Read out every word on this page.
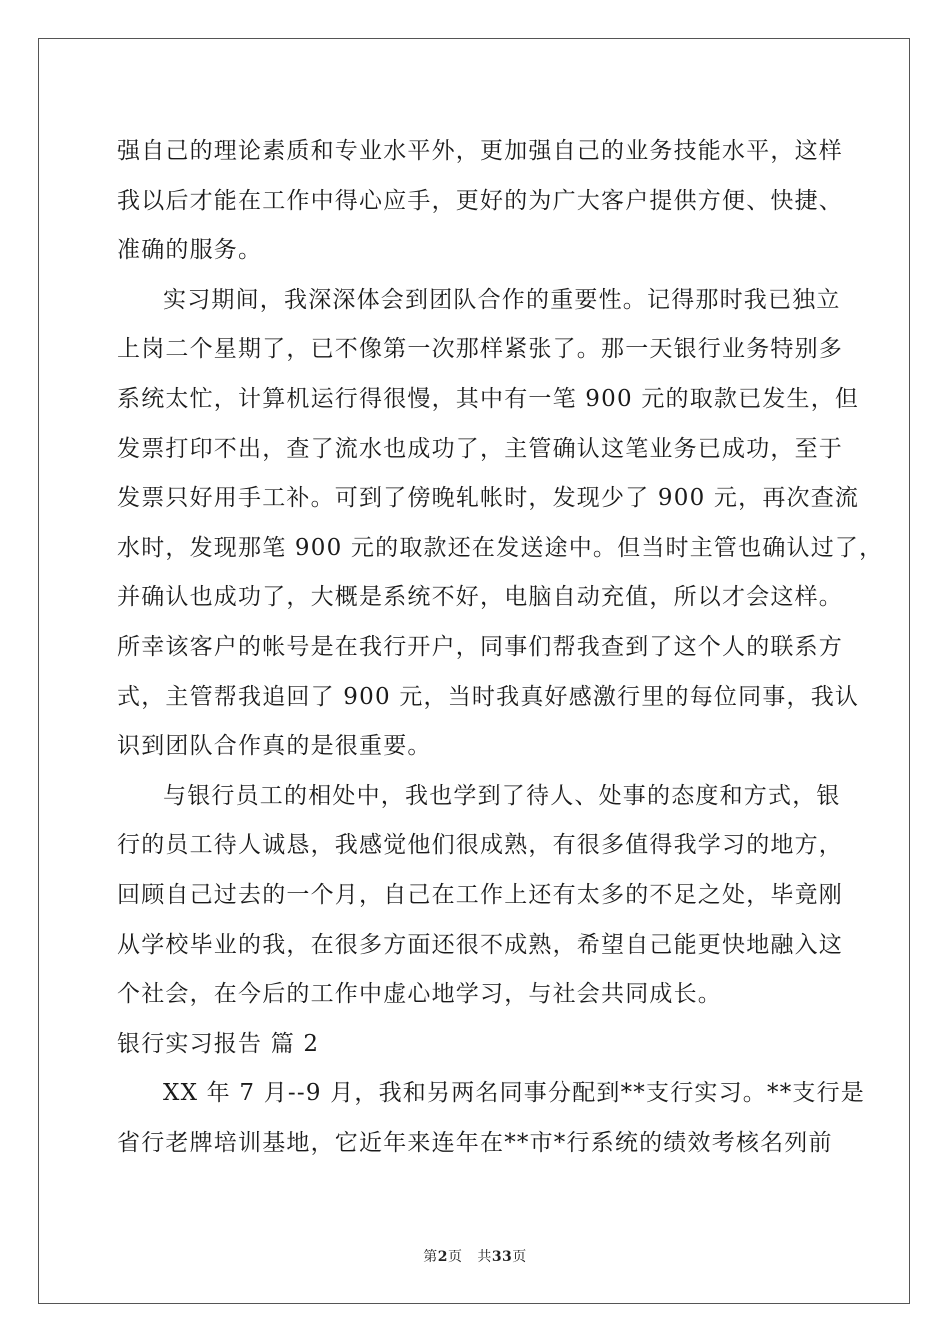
强自己的理论素质和专业水平外，更加强自己的业务技能水平，这样
我以后才能在工作中得心应手，更好的为广大客户提供方便、快捷、
准确的服务。
实习期间，我深深体会到团队合作的重要性。记得那时我已独立
上岗二个星期了，已不像第一次那样紧张了。那一天银行业务特别多
系统太忙，计算机运行得很慢，其中有一笔 900 元的取款已发生，但
发票打印不出，查了流水也成功了，主管确认这笔业务已成功，至于
发票只好用手工补。可到了傍晚轧帐时，发现少了 900 元，再次查流
水时，发现那笔 900 元的取款还在发送途中。但当时主管也确认过了，
并确认也成功了，大概是系统不好，电脑自动充值，所以才会这样。
所幸该客户的帐号是在我行开户，同事们帮我查到了这个人的联系方
式，主管帮我追回了 900 元，当时我真好感激行里的每位同事，我认
识到团队合作真的是很重要。
与银行员工的相处中，我也学到了待人、处事的态度和方式，银
行的员工待人诚恳，我感觉他们很成熟，有很多值得我学习的地方，
回顾自己过去的一个月，自己在工作上还有太多的不足之处，毕竟刚
从学校毕业的我，在很多方面还很不成熟，希望自己能更快地融入这
个社会，在今后的工作中虚心地学习，与社会共同成长。
银行实习报告 篇 2
XX 年 7 月--9 月，我和另两名同事分配到**支行实习。**支行是
省行老牌培训基地，它近年来连年在**市*行系统的绩效考核名列前
第2页 共33页
